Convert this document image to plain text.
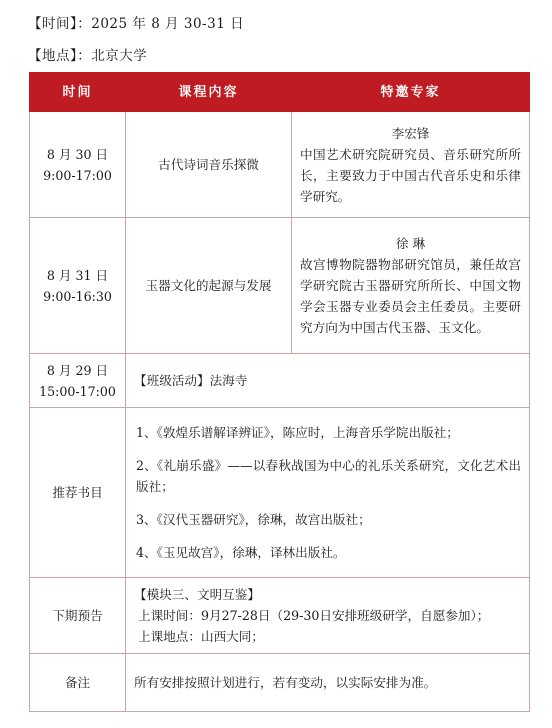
【时间】：2025 年 8 月 30-31 日
【地点】：北京大学
时间	课程内容	特邀专家

8 月 30 日
9:00-17:00	古代诗词音乐探微	李宏锋
中国艺术研究院研究员、音乐研究所所长，主要致力于中国古代音乐史和乐律学研究。

8 月 31 日
9:00-16:30	玉器文化的起源与发展	徐 琳
故宫博物院器物部研究馆员，兼任故宫学研究院古玉器研究所所长、中国文物学会玉器专业委员会主任委员。主要研究方向为中国古代玉器、玉文化。

8 月 29 日
15:00-17:00	【班级活动】法海寺	
推荐书目	1、《敦煌乐谱解译辨证》，陈应时，上海音乐学院出版社；
2、《礼崩乐盛》——以春秋战国为中心的礼乐关系研究，文化艺术出版社；
3、《汉代玉器研究》，徐琳，故宫出版社；
4、《玉见故宫》，徐琳，译林出版社。	

下期预告	【模块三、文明互鉴】
上课时间：9月27-28日（29-30日安排班级研学，自愿参加）；
上课地点：山西大同；	

备注	所有安排按照计划进行，若有变动，以实际安排为准。	
